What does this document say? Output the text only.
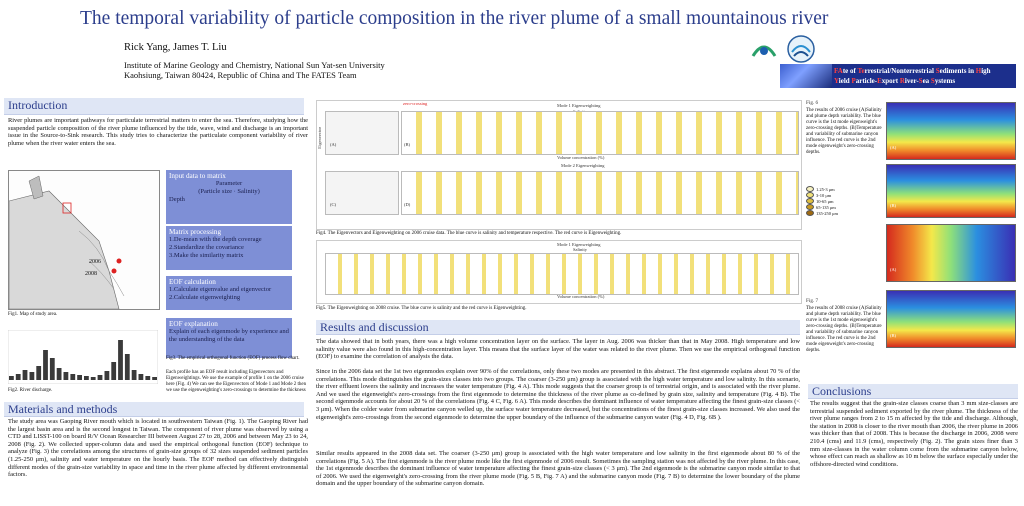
The temporal variability of particle composition in the river plume of a small mountainous river
Rick Yang, James T. Liu
Institute of Marine Geology and Chemistry, National Sun Yat-sen University
Kaohsiung, Taiwan 80424, Republic of China and The FATES Team	FAte of Terrestrial/Nonterrestrial Sediments in High
Yield Particle-Export River-Sea Systems
Introduction
River plumes are important pathways for particulate terrestrial matters to enter the sea. Therefore, studying how the suspended particle composition of the river plume influenced by the tide, wave, wind and discharge is an important issue in the Source-to-Sink research. This study tries to characterize the particulate component variability of river plume when the river water enters the sea.
2006
2008
Fig1. Map of study area.
Fig2. River discharge.
Input data to matrix
Parameter
(Particle size · Salinity)
Depth
Matrix processing
1.De-mean with the depth coverage
2.Standardize the covariance
3.Make the similarity matrix
EOF calculation
1.Calculate eigenvalue and eigenvector
2.Calculate eigenweighting
EOF explanation
Explain of each eigenmode by experience and the understanding of the data
Fig3. The empirical orthogonal function (EOF) process flow chart.
Each profile has an EOF result including Eigenvectors and Eigenweightings. We use the example of profile 1 on the 2006 cruise here (Fig. 4) We can see the Eigenvectors of Mode 1 and Mode 2 then we use the eigenweighting's zero-crossings to determine the thickness
Materials and methods
The study area was Gaoping River mouth which is located in southwestern Taiwan (Fig. 1). The Gaoping River had the largest basin area and is the second longest in Taiwan. The component of river plume was observed by using a CTD and LISST-100 on board R/V Ocean Researcher III between August 27 to 28, 2006 and between May 23 to 24, 2008 (Fig. 2). We collected upper-column data and used the empirical orthogonal function (EOF) technique to analyze (Fig. 3) the correlations among the structures of grain-size groups of 32 sizes suspended sediment particles (1.25-250 μm), salinity and water temperature on the hourly basis. The EOF method can effectively distinguish different modes of the grain-size variability in space and time in the river plume affected by different environmental factors.
zero-crossing	Mode 1 Eigenweighting
Mode 2 Eigenweighting
Volume concentration (%)
(A)	(B)
(C)	(D)
Eigenvector
Fig4. The Eigenvectors and Eigenweighting on 2006 cruise data. The blue curve is salinity and temperature respective. The red curve is Eigenweighting.
Mode 1 Eigenweighting
Salinity
Volume concentration (%)
Fig5. The Eigenweighting on 2008 cruise. The blue curve is salinity and the red curve is Eigenweighting.
Results and discussion
The data showed that in both years, there was a high volume concentration layer on the surface. The layer in Aug. 2006 was thicker than that in May 2008. High temperature and low salinity value were also found in this high-concentration layer. This means that the surface layer of the water was related to the river plume. Then we use the empirical orthogonal function (EOF) to examine the correlation of analysis the data.
Since in the 2006 data set the 1st two eigenmodes explain over 90% of the correlations, only these two modes are presented in this abstract. The first eigenmode explains about 70 % of the correlations. This mode distinguishes the grain-sizes classes into two groups. The coarser (3-250 μm) group is associated with the high water temperature and low salinity. In this scenario, the river effluent lowers the salinity and increases the water temperature (Fig. 4 A). This mode suggests that the coarser group is of terrestrial origin, and is associated with the river plume. And we used the eigenweight's zero-crossings from the first eigenmode to determine the thickness of the river plume as co-defined by grain size, salinity and temperature (Fig. 4 B). The second eigenmode accounts for about 20 % of the correlations (Fig. 4 C, Fig. 6 A). This mode describes the dominant influence of water temperature affecting the finest grain-size classes (< 3 μm). When the colder water from submarine canyon welled up, the surface water temperature decreased, but the concentrations of the finest grain-size classes increased. We also used the eigenweight's zero-crossings from the second eigenmode to determine the upper boundary of the influence of the submarine canyon water (Fig. 4 D, Fig. 6B ).
Similar results appeared in the 2008 data set. The coarser (3-250 μm) group is associated with the high water temperature and low salinity in the first eigenmode about 80 % of the correlations (Fig. 5 A). The first eigenmode is the river plume mode like the first eigenmode of 2006 result. Sometimes the sampling station was not affected by the river plume. In this case, the 1st eigenmode describes the dominant influence of water temperature affecting the finest grain-size classes (< 3 μm). The 2nd eigenmode is the submarine canyon mode similar to that of 2006. We used the eigenweight's zero-crossing from the river plume mode (Fig. 5 B, Fig. 7 A) and the submarine canyon mode (Fig. 7 B) to determine the lower boundary of the plume domain and the upper boundary of the submarine canyon domain.
Fig. 6
The results of 2006 cruise (A)Salinity and plume depth variability. The blue curve is the 1st mode eigenweight's zero-crossing depths. (B)Temperature and variability of submarine canyon influence. The red curve is the 2nd mode eigenweight's zero-crossing depths.
(A)
(B)
1.25-3 μm
3-10 μm
10-65 μm
65-135 μm
135-250 μm
(A)
(B)
Fig. 7
The results of 2008 cruise (A)Salinity and plume depth variability. The blue curve is the 1st mode eigenweight's zero-crossing depths. (B)Temperature and variability of submarine canyon influence. The red curve is the 2nd mode eigenweight's zero-crossing depths.
Conclusions
The results suggest that the grain-size classes coarse than 3 mm size-classes are terrestrial suspended sediment exported by the river plume. The thickness of the river plume ranges from 2 to 15 m affected by the tide and discharge. Although, the station in 2008 is closer to the river mouth than 2006, the river plume in 2006 was thicker than that of 2008. This is because the discharge in 2006, 2008 were 210.4 (cms) and 11.9 (cms), respectively (Fig. 2). The grain sizes finer than 3 mm size-classes in the water column come from the submarine canyon below, whose effect can reach as shallow as 10 m below the surface especially under the offshore-directed wind conditions.
